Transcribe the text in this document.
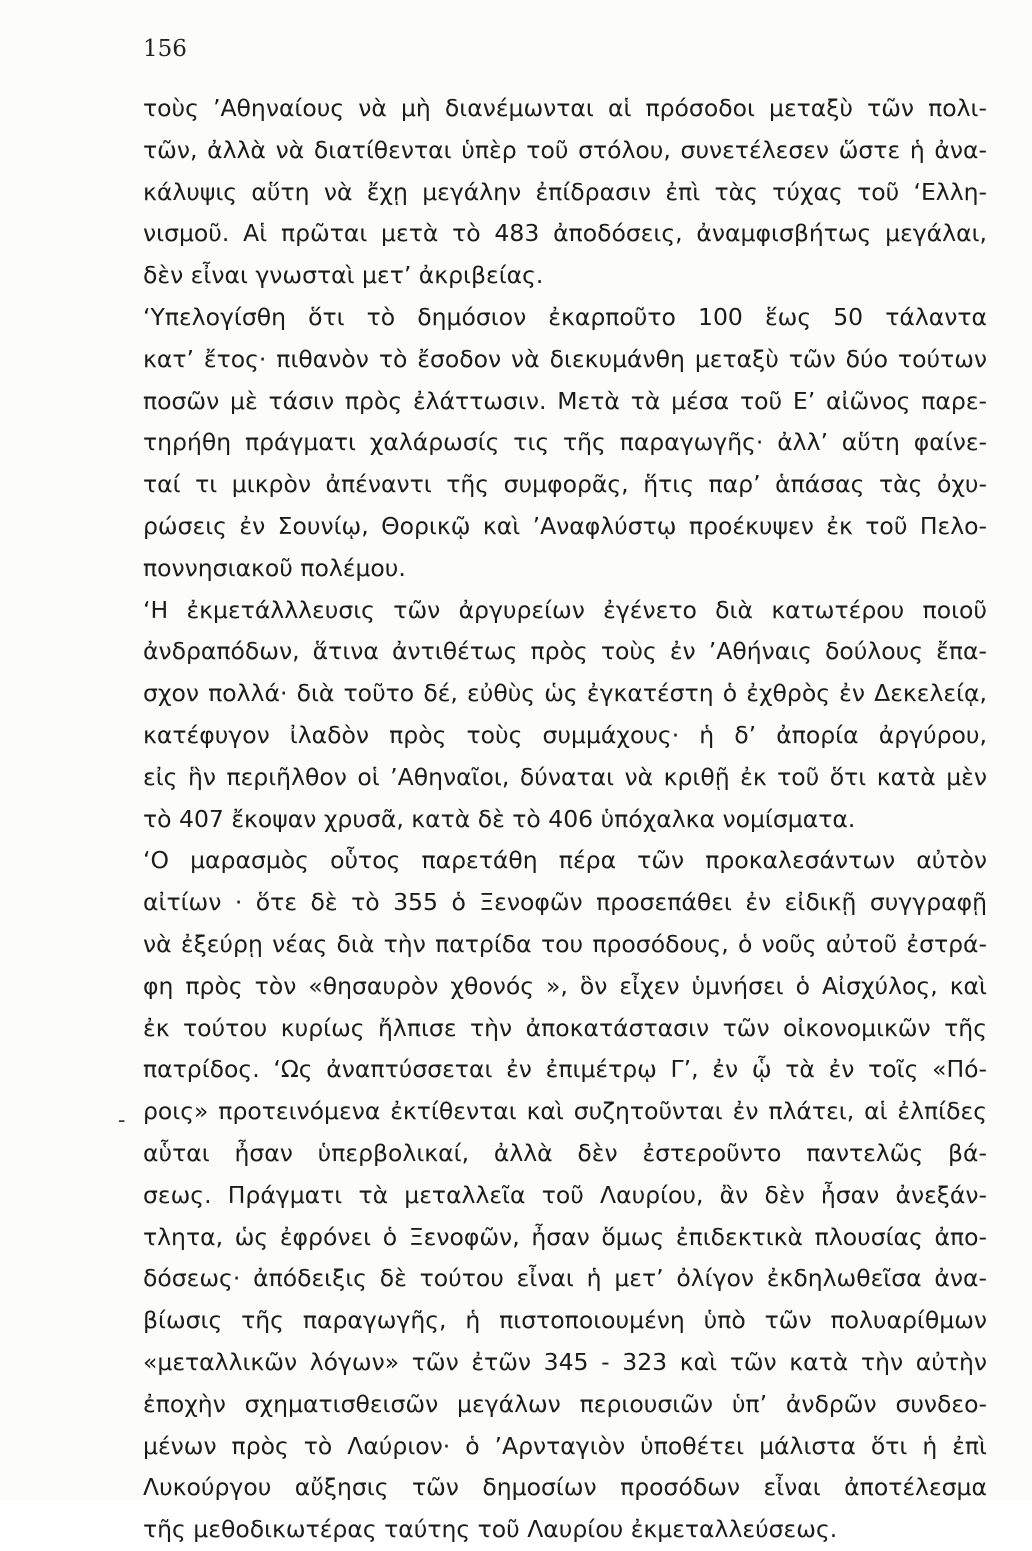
156
-
τοὺς ’Αθηναίους νὰ μὴ διανέμωνται αἱ πρόσοδοι μεταξὺ τῶν πολι-
τῶν, ἀλλὰ νὰ διατίθενται ὑπὲρ τοῦ στόλου, συνετέλεσεν ὥστε ἡ ἀνα-
κάλυψις αὕτη νὰ ἔχῃ μεγάλην ἐπίδρασιν ἐπὶ τὰς τύχας τοῦ ‘Ελλη-
νισμοῦ. Αἱ πρῶται μετὰ τὸ 483 ἀποδόσεις, ἀναμφισβήτως μεγάλαι,
δὲν εἶναι γνωσταὶ μετ’ ἀκριβείας.
‘Υπελογίσθη ὅτι τὸ δημόσιον ἐκαρποῦτο 100 ἕως 50 τάλαντα
κατ’ ἔτος· πιθανὸν τὸ ἔσοδον νὰ διεκυμάνθη μεταξὺ τῶν δύο τούτων
ποσῶν μὲ τάσιν πρὸς ἐλάττωσιν. Μετὰ τὰ μέσα τοῦ Ε’ αἰῶνος παρε-
τηρήθη πράγματι χαλάρωσίς τις τῆς παραγωγῆς· ἀλλ’ αὕτη φαίνε-
ταί τι μικρὸν ἀπέναντι τῆς συμφορᾶς, ἥτις παρ’ ἁπάσας τὰς ὀχυ-
ρώσεις ἐν Σουνίῳ, Θορικῷ καὶ ’Αναφλύστῳ προέκυψεν ἐκ τοῦ Πελο-
ποννησιακοῦ πολέμου.
‘Η ἐκμετάλλλευσις τῶν ἀργυρείων ἐγένετο διὰ κατωτέρου ποιοῦ
ἀνδραπόδων, ἅτινα ἀντιθέτως πρὸς τοὺς ἐν ’Αθήναις δούλους ἔπα-
σχον πολλά· διὰ τοῦτο δέ, εὐθὺς ὡς ἐγκατέστη ὁ ἐχθρὸς ἐν Δεκελείᾳ,
κατέφυγον ἰλαδὸν πρὸς τοὺς συμμάχους· ἡ δ’ ἀπορία ἀργύρου,
εἰς ἣν περιῆλθον οἱ ’Αθηναῖοι, δύναται νὰ κριθῇ ἐκ τοῦ ὅτι κατὰ μὲν
τὸ 407 ἔκοψαν χρυσᾶ, κατὰ δὲ τὸ 406 ὑπόχαλκα νομίσματα.
‘Ο μαρασμὸς οὗτος παρετάθη πέρα τῶν προκαλεσάντων αὐτὸν
αἰτίων · ὅτε δὲ τὸ 355 ὁ Ξενοφῶν προσεπάθει ἐν εἰδικῇ συγγραφῇ
νὰ ἐξεύρῃ νέας διὰ τὴν πατρίδα του προσόδους, ὁ νοῦς αὐτοῦ ἐστρά-
φη πρὸς τὸν «θησαυρὸν χθονός », ὃν εἶχεν ὑμνήσει ὁ Αἰσχύλος, καὶ
ἐκ τούτου κυρίως ἤλπισε τὴν ἀποκατάστασιν τῶν οἰκονομικῶν τῆς
πατρίδος. ‘Ως ἀναπτύσσεται ἐν ἐπιμέτρῳ Γ’, ἐν ᾧ τὰ ἐν τοῖς «Πό-
ροις» προτεινόμενα ἐκτίθενται καὶ συζητοῦνται ἐν πλάτει, αἱ ἐλπίδες
αὗται ἦσαν ὑπερβολικαί, ἀλλὰ δὲν ἐστεροῦντο παντελῶς βά-
σεως. Πράγματι τὰ μεταλλεῖα τοῦ Λαυρίου, ἂν δὲν ἦσαν ἀνεξάν-
τλητα, ὡς ἐφρόνει ὁ Ξενοφῶν, ἦσαν ὅμως ἐπιδεκτικὰ πλουσίας ἀπο-
δόσεως· ἀπόδειξις δὲ τούτου εἶναι ἡ μετ’ ὀλίγον ἐκδηλωθεῖσα ἀνα-
βίωσις τῆς παραγωγῆς, ἡ πιστοποιουμένη ὑπὸ τῶν πολυαρίθμων
«μεταλλικῶν λόγων» τῶν ἐτῶν 345 - 323 καὶ τῶν κατὰ τὴν αὐτὴν
ἐποχὴν σχηματισθεισῶν μεγάλων περιουσιῶν ὑπ’ ἀνδρῶν συνδεο-
μένων πρὸς τὸ Λαύριον· ὁ ’Αρνταγιὸν ὑποθέτει μάλιστα ὅτι ἡ ἐπὶ
Λυκούργου αὔξησις τῶν δημοσίων προσόδων εἶναι ἀποτέλεσμα
τῆς μεθοδικωτέρας ταύτης τοῦ Λαυρίου ἐκμεταλλεύσεως.
